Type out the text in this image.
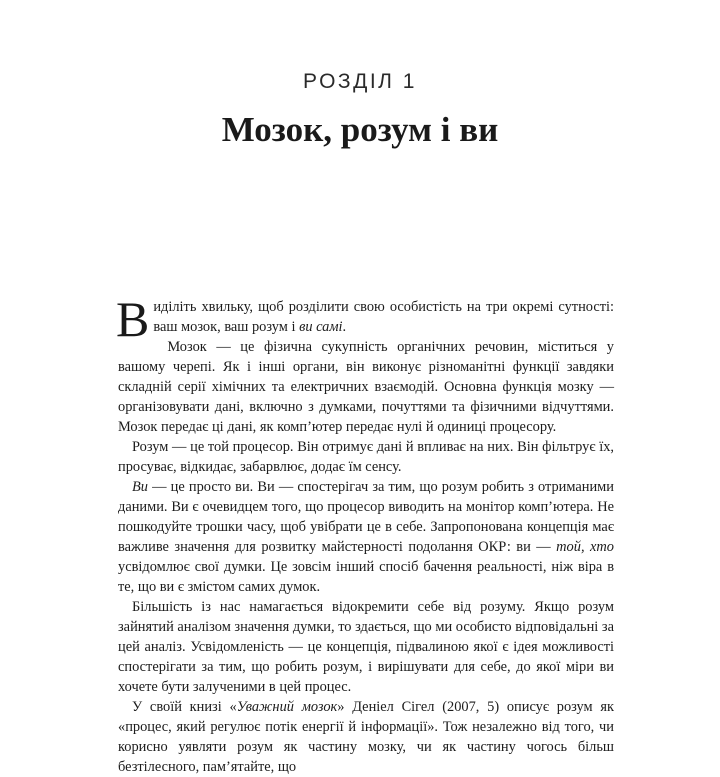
РОЗДІЛ 1
Мозок, розум і ви

Виділіть хвильку, щоб розділити свою особистість на три окремі сутності: ваш мозок, ваш розум і ви самі.

Мозок — це фізична сукупність органічних речовин, міститься у вашому черепі. Як і інші органи, він виконує різноманітні функції завдяки складній серії хімічних та електричних взаємодій. Основна функція мозку — організовувати дані, включно з думками, почуттями та фізичними відчуттями. Мозок передає ці дані, як комп’ютер передає нулі й одиниці процесору.

Розум — це той процесор. Він отримує дані й впливає на них. Він фільтрує їх, просуває, відкидає, забарвлює, додає їм сенсу.

Ви — це просто ви. Ви — спостерігач за тим, що розум робить з отриманими даними. Ви є очевидцем того, що процесор виводить на монітор комп’ютера. Не пошкодуйте трошки часу, щоб увібрати це в себе. Запропонована концепція має важливе значення для розвитку майстерності подолання ОКР: ви — той, хто усвідомлює свої думки. Це зовсім інший спосіб бачення реальності, ніж віра в те, що ви є змістом самих думок.

Більшість із нас намагається відокремити себе від розуму. Якщо розум зайнятий аналізом значення думки, то здається, що ми особисто відповідальні за цей аналіз. Усвідомленість — це концепція, підвалиною якої є ідея можливості спостерігати за тим, що робить розум, і вирішувати для себе, до якої міри ви хочете бути залученими в цей процес.

У своїй книзі «Уважний мозок» Деніел Сігел (2007, 5) описує розум як «процес, який регулює потік енергії й інформації». Тож незалежно від того, чи корисно уявляти розум як частину мозку, чи як частину чогось більш безтілесного, пам’ятайте, що
